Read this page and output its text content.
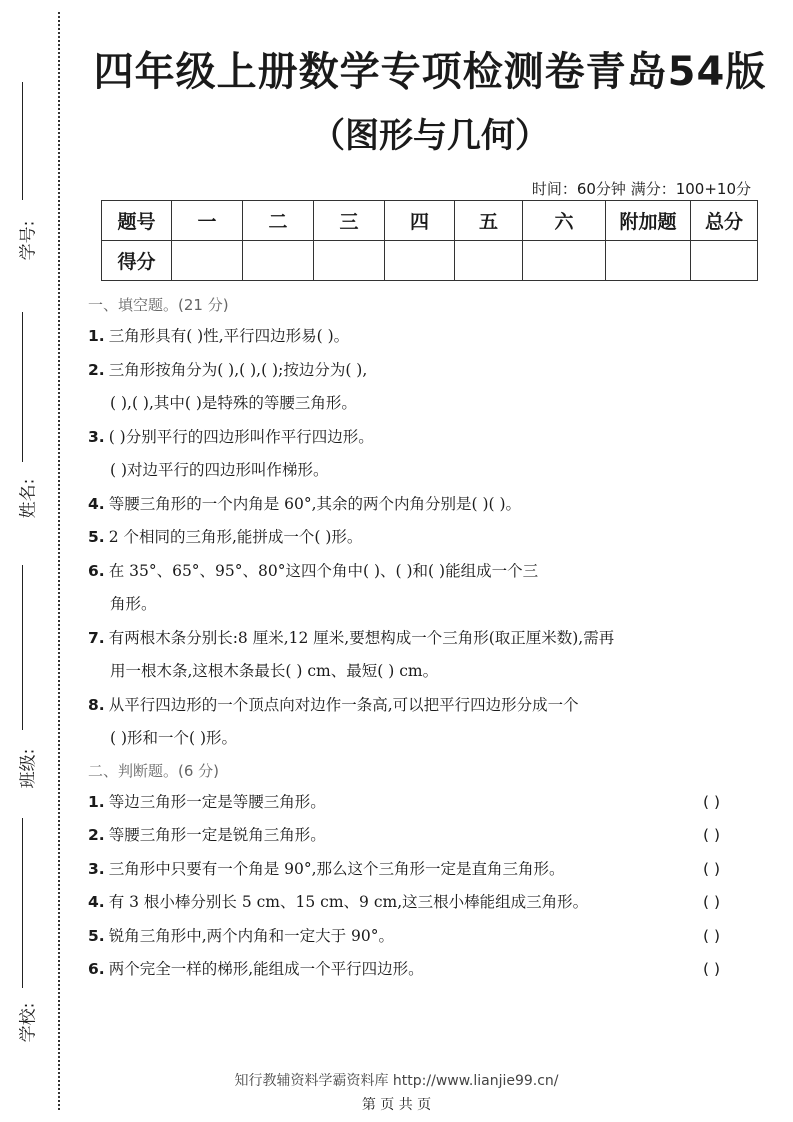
学号:
姓名:
班级:
学校:
四年级上册数学专项检测卷青岛54版
（图形与几何）
时间：60分钟 满分：100+10分
题号	一	二	三	四	五	六	附加题	总分
得分								
一、填空题。(21 分)
1. 三角形具有( )性,平行四边形易( )。
2. 三角形按角分为( ),( ),( );按边分为( ),
( ),( ),其中( )是特殊的等腰三角形。
3. ( )分别平行的四边形叫作平行四边形。
( )对边平行的四边形叫作梯形。
4. 等腰三角形的一个内角是 60°,其余的两个内角分别是( )( )。
5. 2 个相同的三角形,能拼成一个( )形。
6. 在 35°、65°、95°、80°这四个角中( )、( )和( )能组成一个三
角形。
7. 有两根木条分别长:8 厘米,12 厘米,要想构成一个三角形(取正厘米数),需再
用一根木条,这根木条最长( ) cm、最短( ) cm。
8. 从平行四边形的一个顶点向对边作一条高,可以把平行四边形分成一个
( )形和一个( )形。
二、判断题。(6 分)
1. 等边三角形一定是等腰三角形。	( )
2. 等腰三角形一定是锐角三角形。	( )
3. 三角形中只要有一个角是 90°,那么这个三角形一定是直角三角形。	( )
4. 有 3 根小棒分别长 5 cm、15 cm、9 cm,这三根小棒能组成三角形。	( )
5. 锐角三角形中,两个内角和一定大于 90°。	( )
6. 两个完全一样的梯形,能组成一个平行四边形。	( )
知行教辅资料学霸资料库 http://www.lianjie99.cn/
第 页 共 页
